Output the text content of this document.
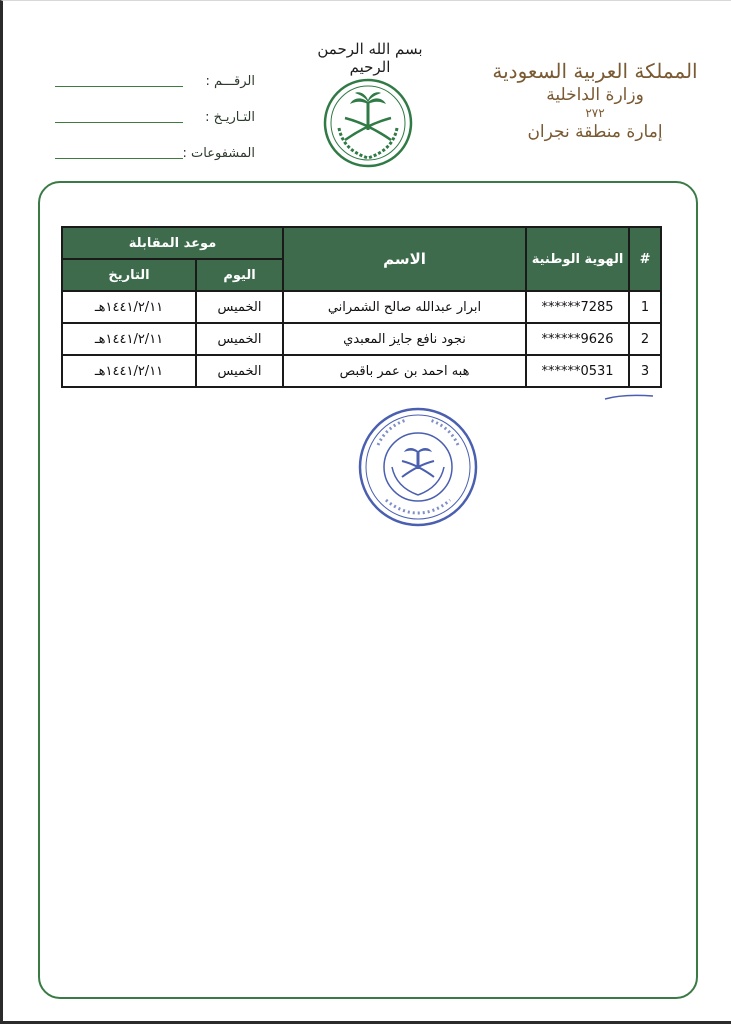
بسم الله الرحمن الرحيم	المملكة العربية السعودية
وزارة الداخلية
٢٧٢
إمارة منطقة نجران
الرقـــم :
التـاريـخ :
المشفوعات :
#	الهوية الوطنية	الاسم	موعد المقابلة	
			اليوم	التاريخ
1	******7285	ابرار عبدالله صالح الشمراني	الخميس	١٤٤١/٢/١١هـ
2	******9626	نجود نافع جايز المعبدي	الخميس	١٤٤١/٢/١١هـ
3	******0531	هبه احمد بن عمر باقبص	الخميس	١٤٤١/٢/١١هـ
